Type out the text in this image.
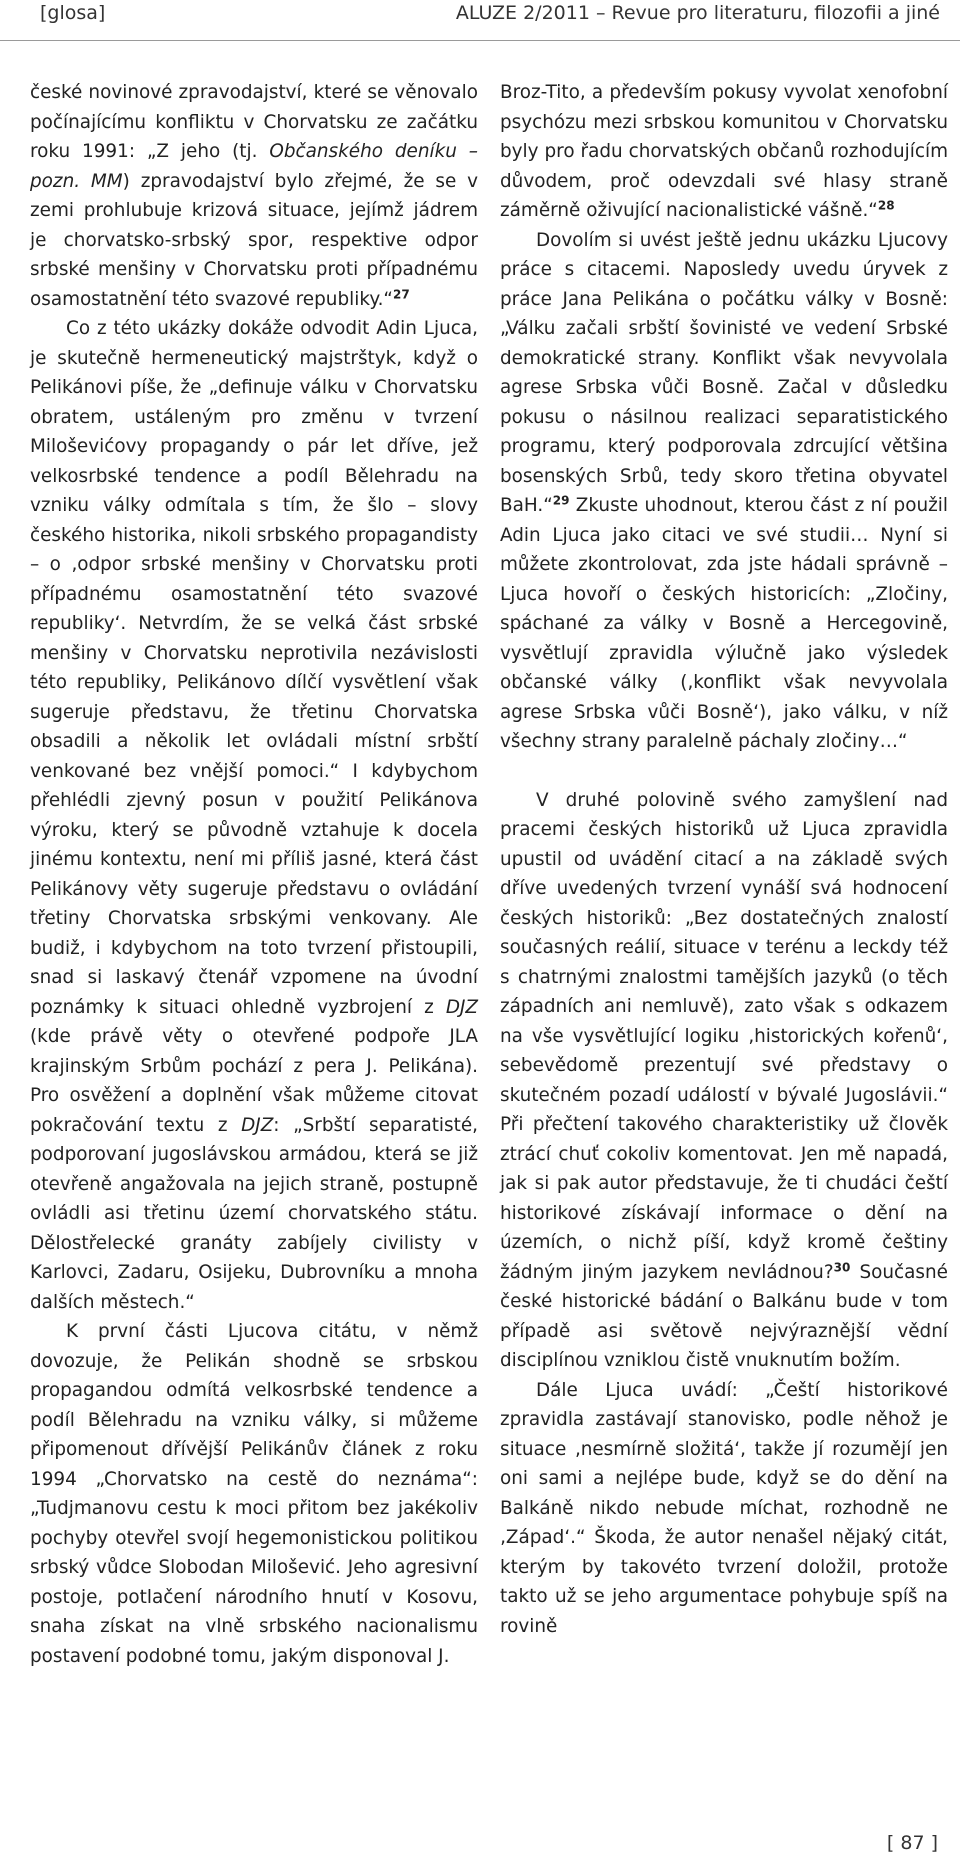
[glosa]	ALUZE 2/2011 – Revue pro literaturu, filozofii a jiné

české novinové zpravodajství, které se věnovalo počínajícímu konfliktu v Chorvatsku ze začátku roku 1991: „Z jeho (tj. Občanského deníku – pozn. MM) zpravodajství bylo zřejmé, že se v zemi prohlubuje krizová situace, jejímž jádrem je chorvatsko-srbský spor, respektive odpor srbské menšiny v Chorvatsku proti případnému osamostatnění této svazové republiky.“$^{27}$

Co z této ukázky dokáže odvodit Adin Ljuca, je skutečně hermeneutický majstrštyk, když o Pelikánovi píše, že „definuje válku v Chorvatsku obratem, ustáleným pro změnu v tvrzení Miloševićovy propagandy o pár let dříve, jež velkosrbské tendence a podíl Bělehradu na vzniku války odmítala s tím, že šlo – slovy českého historika, nikoli srbského propagandisty – o ‚odpor srbské menšiny v Chorvatsku proti případnému osamostatnění této svazové republiky‘. Netvrdím, že se velká část srbské menšiny v Chorvatsku neprotivila nezávislosti této republiky, Pelikánovo dílčí vysvětlení však sugeruje představu, že třetinu Chorvatska obsadili a několik let ovládali místní srbští venkované bez vnější pomoci.“ I kdybychom přehlédli zjevný posun v použití Pelikánova výroku, který se původně vztahuje k docela jinému kontextu, není mi příliš jasné, která část Pelikánovy věty sugeruje představu o ovládání třetiny Chorvatska srbskými venkovany. Ale budiž, i kdybychom na toto tvrzení přistoupili, snad si laskavý čtenář vzpomene na úvodní poznámky k situaci ohledně vyzbrojení z DJZ (kde právě věty o otevřené podpoře JLA krajinským Srbům pochází z pera J. Pelikána). Pro osvěžení a doplnění však můžeme citovat pokračování textu z DJZ: „Srbští separatisté, podporovaní jugoslávskou armádou, která se již otevřeně angažovala na jejich straně, postupně ovládli asi třetinu území chorvatského státu. Dělostřelecké granáty zabíjely civilisty v Karlovci, Zadaru, Osijeku, Dubrovníku a mnoha dalších městech.“

K první části Ljucova citátu, v němž dovozuje, že Pelikán shodně se srbskou propagandou odmítá velkosrbské tendence a podíl Bělehradu na vzniku války, si můžeme připomenout dřívější Pelikánův článek z roku 1994 „Chorvatsko na cestě do neznáma“: „Tudjmanovu cestu k moci přitom bez jakékoliv pochyby otevřel svojí hegemonistickou politikou srbský vůdce Slobodan Milošević. Jeho agresivní postoje, potlačení národního hnutí v Kosovu, snaha získat na vlně srbského nacionalismu postavení podobné tomu, jakým disponoval J.

Broz-Tito, a především pokusy vyvolat xenofobní psychózu mezi srbskou komunitou v Chorvatsku byly pro řadu chorvatských občanů rozhodujícím důvodem, proč odevzdali své hlasy straně záměrně oživující nacionalistické vášně.“$^{28}$

Dovolím si uvést ještě jednu ukázku Ljucovy práce s citacemi. Naposledy uvedu úryvek z práce Jana Pelikána o počátku války v Bosně: „Válku začali srbští šovinisté ve vedení Srbské demokratické strany. Konflikt však nevyvolala agrese Srbska vůči Bosně. Začal v důsledku pokusu o násilnou realizaci separatistického programu, který podporovala zdrcující většina bosenských Srbů, tedy skoro třetina obyvatel BaH.“$^{29}$ Zkuste uhodnout, kterou část z ní použil Adin Ljuca jako citaci ve své studii… Nyní si můžete zkontrolovat, zda jste hádali správně – Ljuca hovoří o českých historicích: „Zločiny, spáchané za války v Bosně a Hercegovině, vysvětlují zpravidla výlučně jako výsledek občanské války (‚konflikt však nevyvolala agrese Srbska vůči Bosně‘), jako válku, v níž všechny strany paralelně páchaly zločiny…“

V druhé polovině svého zamyšlení nad pracemi českých historiků už Ljuca zpravidla upustil od uvádění citací a na základě svých dříve uvedených tvrzení vynáší svá hodnocení českých historiků: „Bez dostatečných znalostí současných reálií, situace v terénu a leckdy též s chatrnými znalostmi tamějších jazyků (o těch západních ani nemluvě), zato však s odkazem na vše vysvětlující logiku ‚historických kořenů‘, sebevědomě prezentují své představy o skutečném pozadí událostí v bývalé Jugoslávii.“ Při přečtení takového charakteristiky už člověk ztrácí chuť cokoliv komentovat. Jen mě napadá, jak si pak autor představuje, že ti chudáci čeští historikové získávají informace o dění na územích, o nichž píší, když kromě češtiny žádným jiným jazykem nevládnou?$^{30}$ Současné české historické bádání o Balkánu bude v tom případě asi světově nejvýraznější vědní disciplínou vzniklou čistě vnuknutím božím.

Dále Ljuca uvádí: „Čeští historikové zpravidla zastávají stanovisko, podle něhož je situace ‚nesmírně složitá‘, takže jí rozumějí jen oni sami a nejlépe bude, když se do dění na Balkáně nikdo nebude míchat, rozhodně ne ‚Západ‘.“ Škoda, že autor nenašel nějaký citát, kterým by takovéto tvrzení doložil, protože takto už se jeho argumentace pohybuje spíš na rovině

[ 87 ]
